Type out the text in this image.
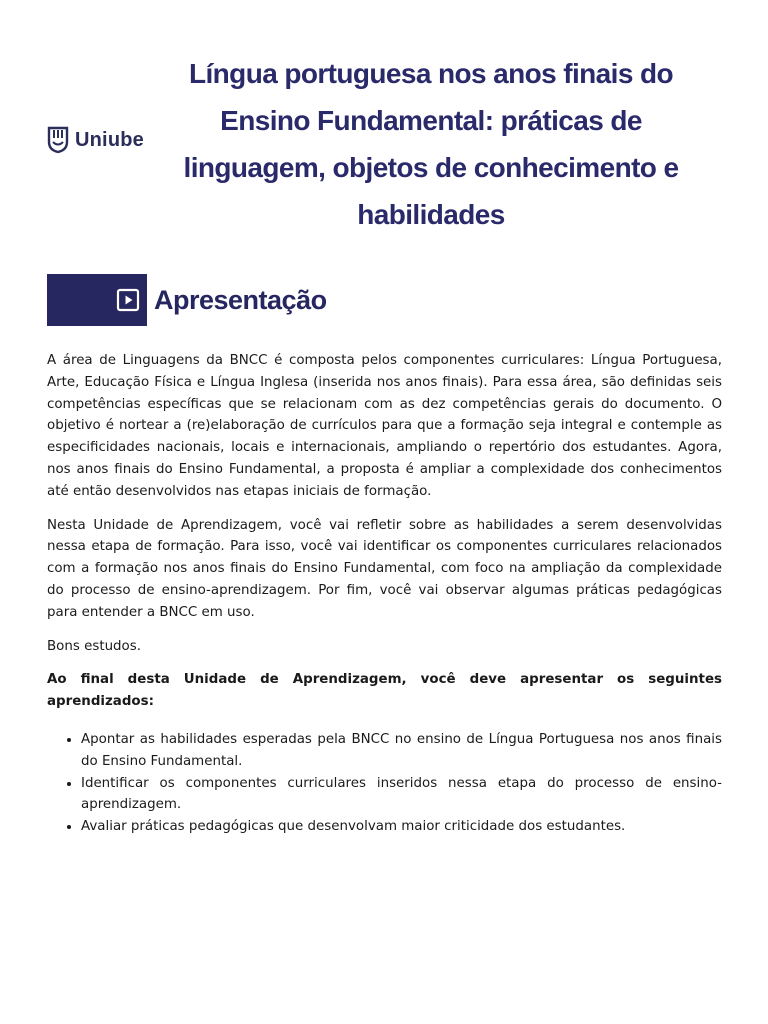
Uniube
Língua portuguesa nos anos finais do Ensino Fundamental: práticas de linguagem, objetos de conhecimento e habilidades
Apresentação

A área de Linguagens da BNCC é composta pelos componentes curriculares: Língua Portuguesa, Arte, Educação Física e Língua Inglesa (inserida nos anos finais). Para essa área, são definidas seis competências específicas que se relacionam com as dez competências gerais do documento. O objetivo é nortear a (re)elaboração de currículos para que a formação seja integral e contemple as especificidades nacionais, locais e internacionais, ampliando o repertório dos estudantes. Agora, nos anos finais do Ensino Fundamental, a proposta é ampliar a complexidade dos conhecimentos até então desenvolvidos nas etapas iniciais de formação.

Nesta Unidade de Aprendizagem, você vai refletir sobre as habilidades a serem desenvolvidas nessa etapa de formação. Para isso, você vai identificar os componentes curriculares relacionados com a formação nos anos finais do Ensino Fundamental, com foco na ampliação da complexidade do processo de ensino-aprendizagem. Por fim, você vai observar algumas práticas pedagógicas para entender a BNCC em uso.

Bons estudos.

Ao final desta Unidade de Aprendizagem, você deve apresentar os seguintes aprendizados:

• Apontar as habilidades esperadas pela BNCC no ensino de Língua Portuguesa nos anos finais do Ensino Fundamental.
• Identificar os componentes curriculares inseridos nessa etapa do processo de ensino-aprendizagem.
• Avaliar práticas pedagógicas que desenvolvam maior criticidade dos estudantes.
